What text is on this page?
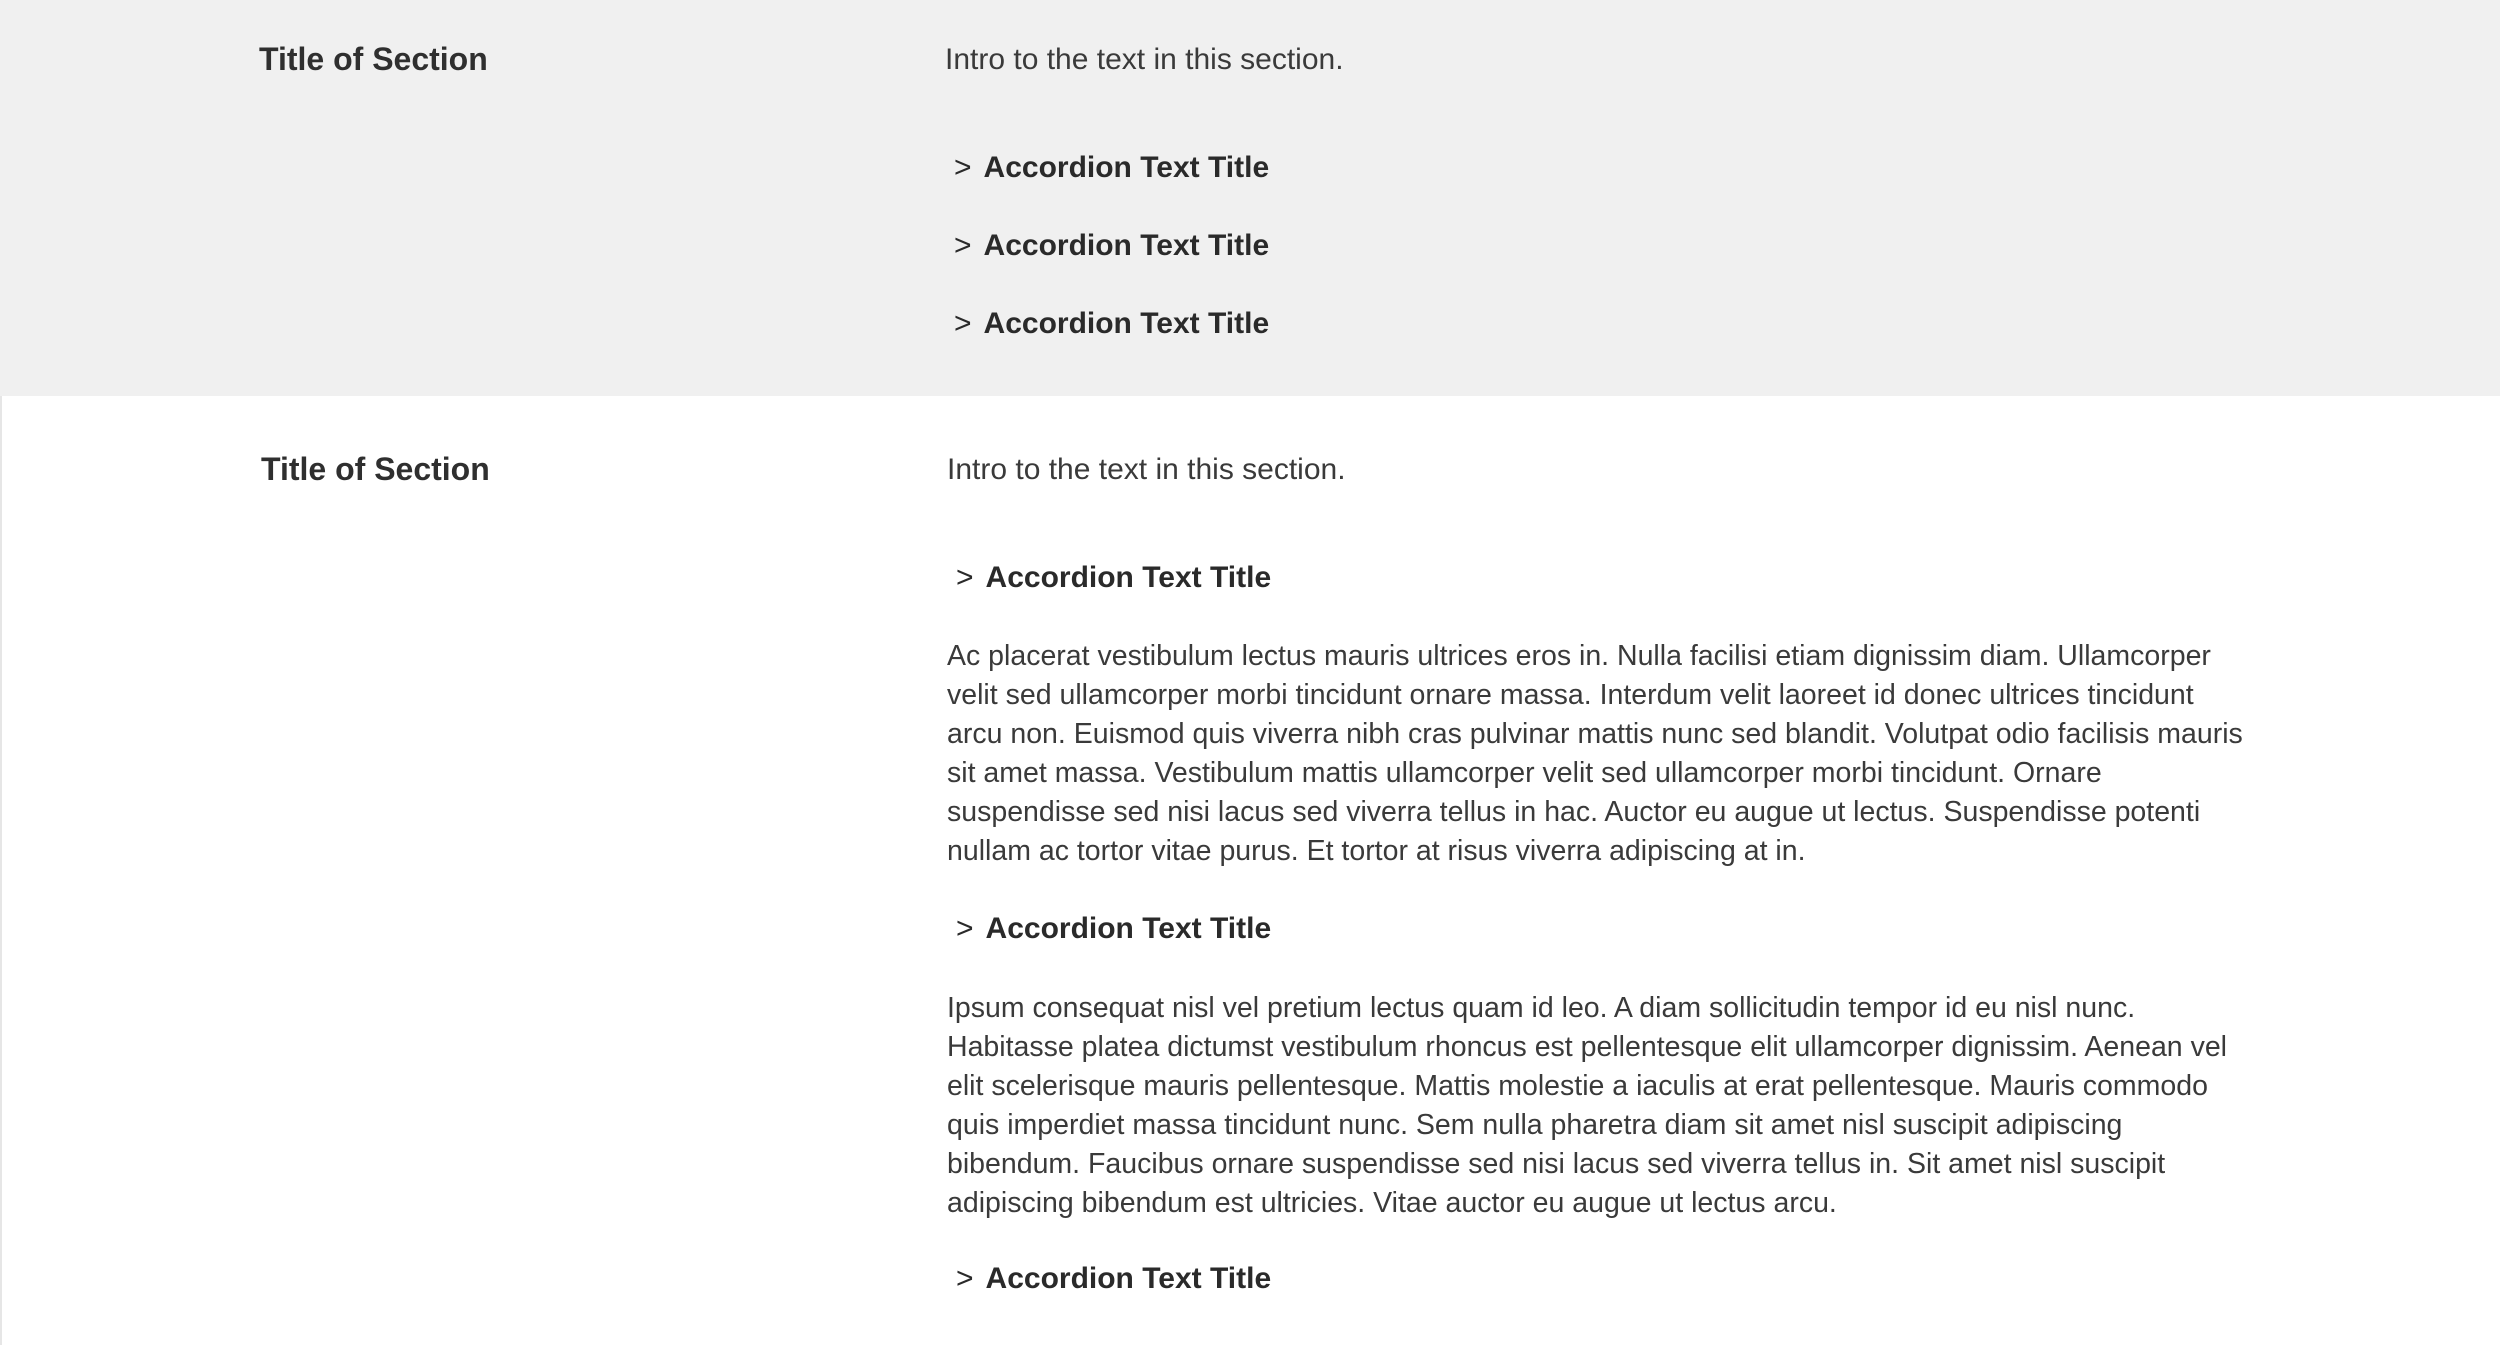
Title of Section	Intro to the text in this section.

> Accordion Text Title
> Accordion Text Title
> Accordion Text Title
Title of Section	Intro to the text in this section.

> Accordion Text Title

Ac placerat vestibulum lectus mauris ultrices eros in. Nulla facilisi etiam dignissim diam. Ullamcorper velit sed ullamcorper morbi tincidunt ornare massa. Interdum velit laoreet id donec ultrices tincidunt arcu non. Euismod quis viverra nibh cras pulvinar mattis nunc sed blandit. Volutpat odio facilisis mauris sit amet massa. Vestibulum mattis ullamcorper velit sed ullamcorper morbi tincidunt. Ornare suspendisse sed nisi lacus sed viverra tellus in hac. Auctor eu augue ut lectus. Suspendisse potenti nullam ac tortor vitae purus. Et tortor at risus viverra adipiscing at in.

> Accordion Text Title

Ipsum consequat nisl vel pretium lectus quam id leo. A diam sollicitudin tempor id eu nisl nunc. Habitasse platea dictumst vestibulum rhoncus est pellentesque elit ullamcorper dignissim. Aenean vel elit scelerisque mauris pellentesque. Mattis molestie a iaculis at erat pellentesque. Mauris commodo quis imperdiet massa tincidunt nunc. Sem nulla pharetra diam sit amet nisl suscipit adipiscing bibendum. Faucibus ornare suspendisse sed nisi lacus sed viverra tellus in. Sit amet nisl suscipit adipiscing bibendum est ultricies. Vitae auctor eu augue ut lectus arcu.

> Accordion Text Title
